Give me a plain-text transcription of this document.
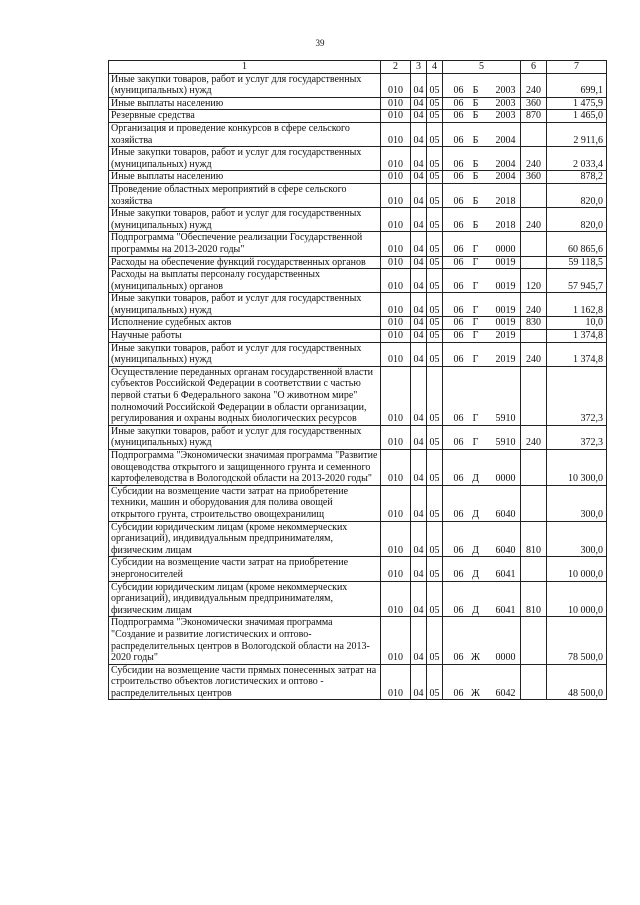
39
1	2	3	4	5	6	7
Иные закупки товаров, работ и услуг для государственных (муниципальных) нужд	010	04	05	06 Б 2003	240	699,1
Иные выплаты населению	010	04	05	06 Б 2003	360	1 475,9
Резервные средства	010	04	05	06 Б 2003	870	1 465,0
Организация и проведение конкурсов в сфере сельского хозяйства	010	04	05	06 Б 2004		2 911,6
Иные закупки товаров, работ и услуг для государственных (муниципальных) нужд	010	04	05	06 Б 2004	240	2 033,4
Иные выплаты населению	010	04	05	06 Б 2004	360	878,2
Проведение областных мероприятий в сфере сельского хозяйства	010	04	05	06 Б 2018		820,0
Иные закупки товаров, работ и услуг для государственных (муниципальных) нужд	010	04	05	06 Б 2018	240	820,0
Подпрограмма "Обеспечение реализации Государственной программы на 2013-2020 годы"	010	04	05	06 Г 0000		60 865,6
Расходы на обеспечение функций государственных органов	010	04	05	06 Г 0019		59 118,5
Расходы на выплаты персоналу государственных (муниципальных) органов	010	04	05	06 Г 0019	120	57 945,7
Иные закупки товаров, работ и услуг для государственных (муниципальных) нужд	010	04	05	06 Г 0019	240	1 162,8
Исполнение судебных актов	010	04	05	06 Г 0019	830	10,0
Научные работы	010	04	05	06 Г 2019		1 374,8
Иные закупки товаров, работ и услуг для государственных (муниципальных) нужд	010	04	05	06 Г 2019	240	1 374,8
Осуществление переданных органам государственной власти субъектов Российской Федерации в соответствии с частью первой статьи 6 Федерального закона "О животном мире" полномочий Российской Федерации в области организации, регулирования и охраны водных биологических ресурсов	010	04	05	06 Г 5910		372,3
Иные закупки товаров, работ и услуг для государственных (муниципальных) нужд	010	04	05	06 Г 5910	240	372,3
Подпрограмма "Экономически значимая программа "Развитие овощеводства открытого и защищенного грунта и семенного картофелеводства в Вологодской области на 2013-2020 годы"	010	04	05	06 Д 0000		10 300,0
Субсидии на возмещение части затрат на приобретение техники, машин и оборудования для полива овощей открытого грунта, строительство овощехранилищ	010	04	05	06 Д 6040		300,0
Субсидии юридическим лицам (кроме некоммерческих организаций), индивидуальным предпринимателям, физическим лицам	010	04	05	06 Д 6040	810	300,0
Субсидии на возмещение части затрат на приобретение энергоносителей	010	04	05	06 Д 6041		10 000,0
Субсидии юридическим лицам (кроме некоммерческих организаций), индивидуальным предпринимателям, физическим лицам	010	04	05	06 Д 6041	810	10 000,0
Подпрограмма "Экономически значимая программа "Создание и развитие логистических и оптово-распределительных центров в Вологодской области на 2013-2020 годы"	010	04	05	06 Ж 0000		78 500,0
Субсидии на возмещение части прямых понесенных затрат на строительство объектов логистических и оптово - распределительных центров	010	04	05	06 Ж 6042		48 500,0
